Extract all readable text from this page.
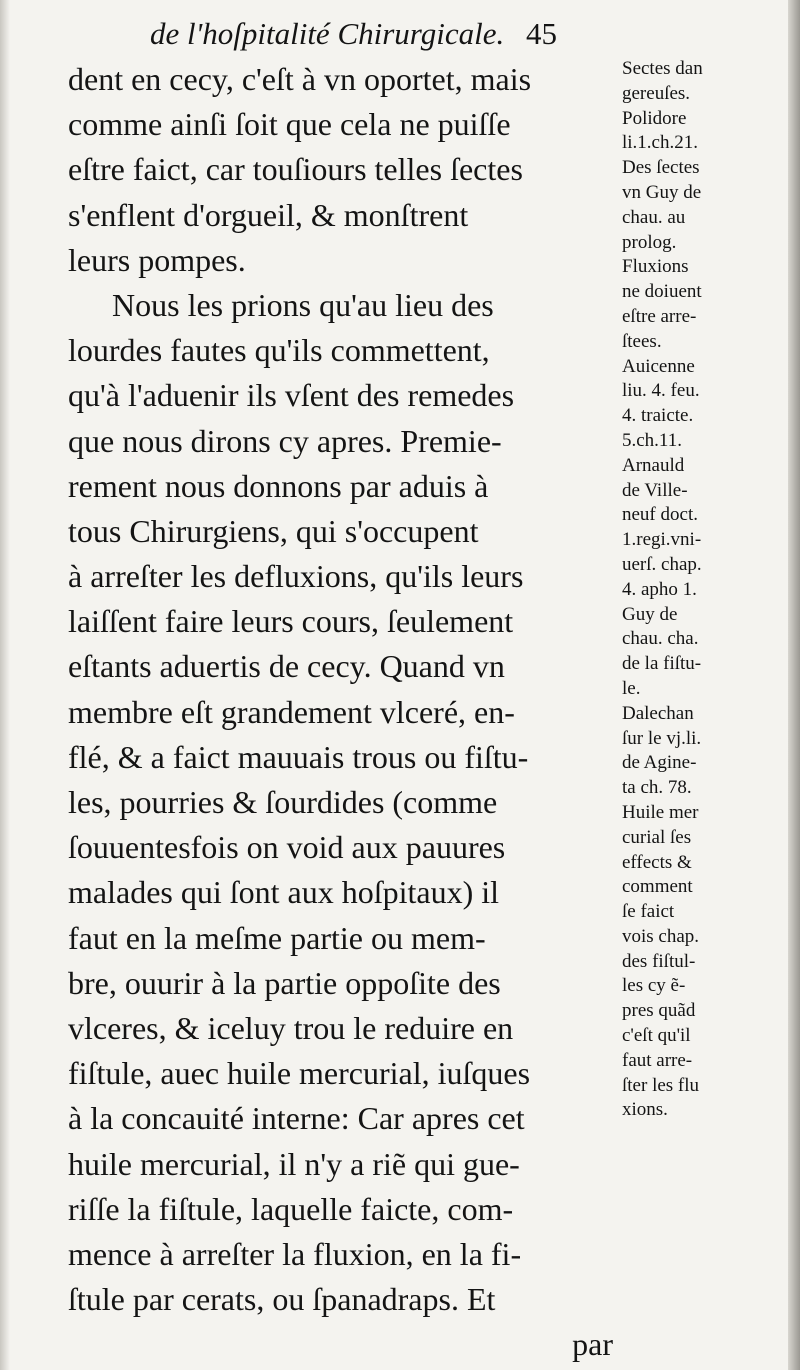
de l'hoſpitalité Chirurgicale. 45
dent en cecy, c'eſt à vn oportet, mais
comme ainſi ſoit que cela ne puiſſe
eſtre faict, car touſiours telles ſectes
s'enflent d'orgueil, & monſtrent
leurs pompes.
Nous les prions qu'au lieu des
lourdes fautes qu'ils commettent,
qu'à l'aduenir ils vſent des remedes
que nous dirons cy apres. Premie-
rement nous donnons par aduis à
tous Chirurgiens, qui s'occupent
à arreſter les defluxions, qu'ils leurs
laiſſent faire leurs cours, ſeulement
eſtants aduertis de cecy. Quand vn
membre eſt grandement vlceré, en-
flé, & a faict mauuais trous ou fiſtu-
les, pourries & ſourdides (comme
ſouuentesfois on void aux pauures
malades qui ſont aux hoſpitaux) il
faut en la meſme partie ou mem-
bre, ouurir à la partie oppoſite des
vlceres, & iceluy trou le reduire en
fiſtule, auec huile mercurial, iuſques
à la concauité interne: Car apres cet
huile mercurial, il n'y a riẽ qui gue-
riſſe la fiſtule, laquelle faicte, com-
mence à arreſter la fluxion, en la fi-
ſtule par cerats, ou ſpanadraps. Et
par
Sectes dan
gereuſes.
Polidore
li.1.ch.21.
Des ſectes
vn Guy de
chau. au
prolog.
Fluxions
ne doiuent
eſtre arre-
ſtees.
Auicenne
liu. 4. feu.
4. traicte.
5.ch.11.
Arnauld
de Ville-
neuf doct.
1.regi.vni-
uerſ. chap.
4. apho 1.
Guy de
chau. cha.
de la fiſtu-
le.
Dalechan
ſur le vj.li.
de Agine-
ta ch. 78.
Huile mer
curial ſes
effects &
comment
ſe faict
vois chap.
des fiſtul-
les cy ẽ-
pres quãd
c'eſt qu'il
faut arre-
ſter les flu
xions.
